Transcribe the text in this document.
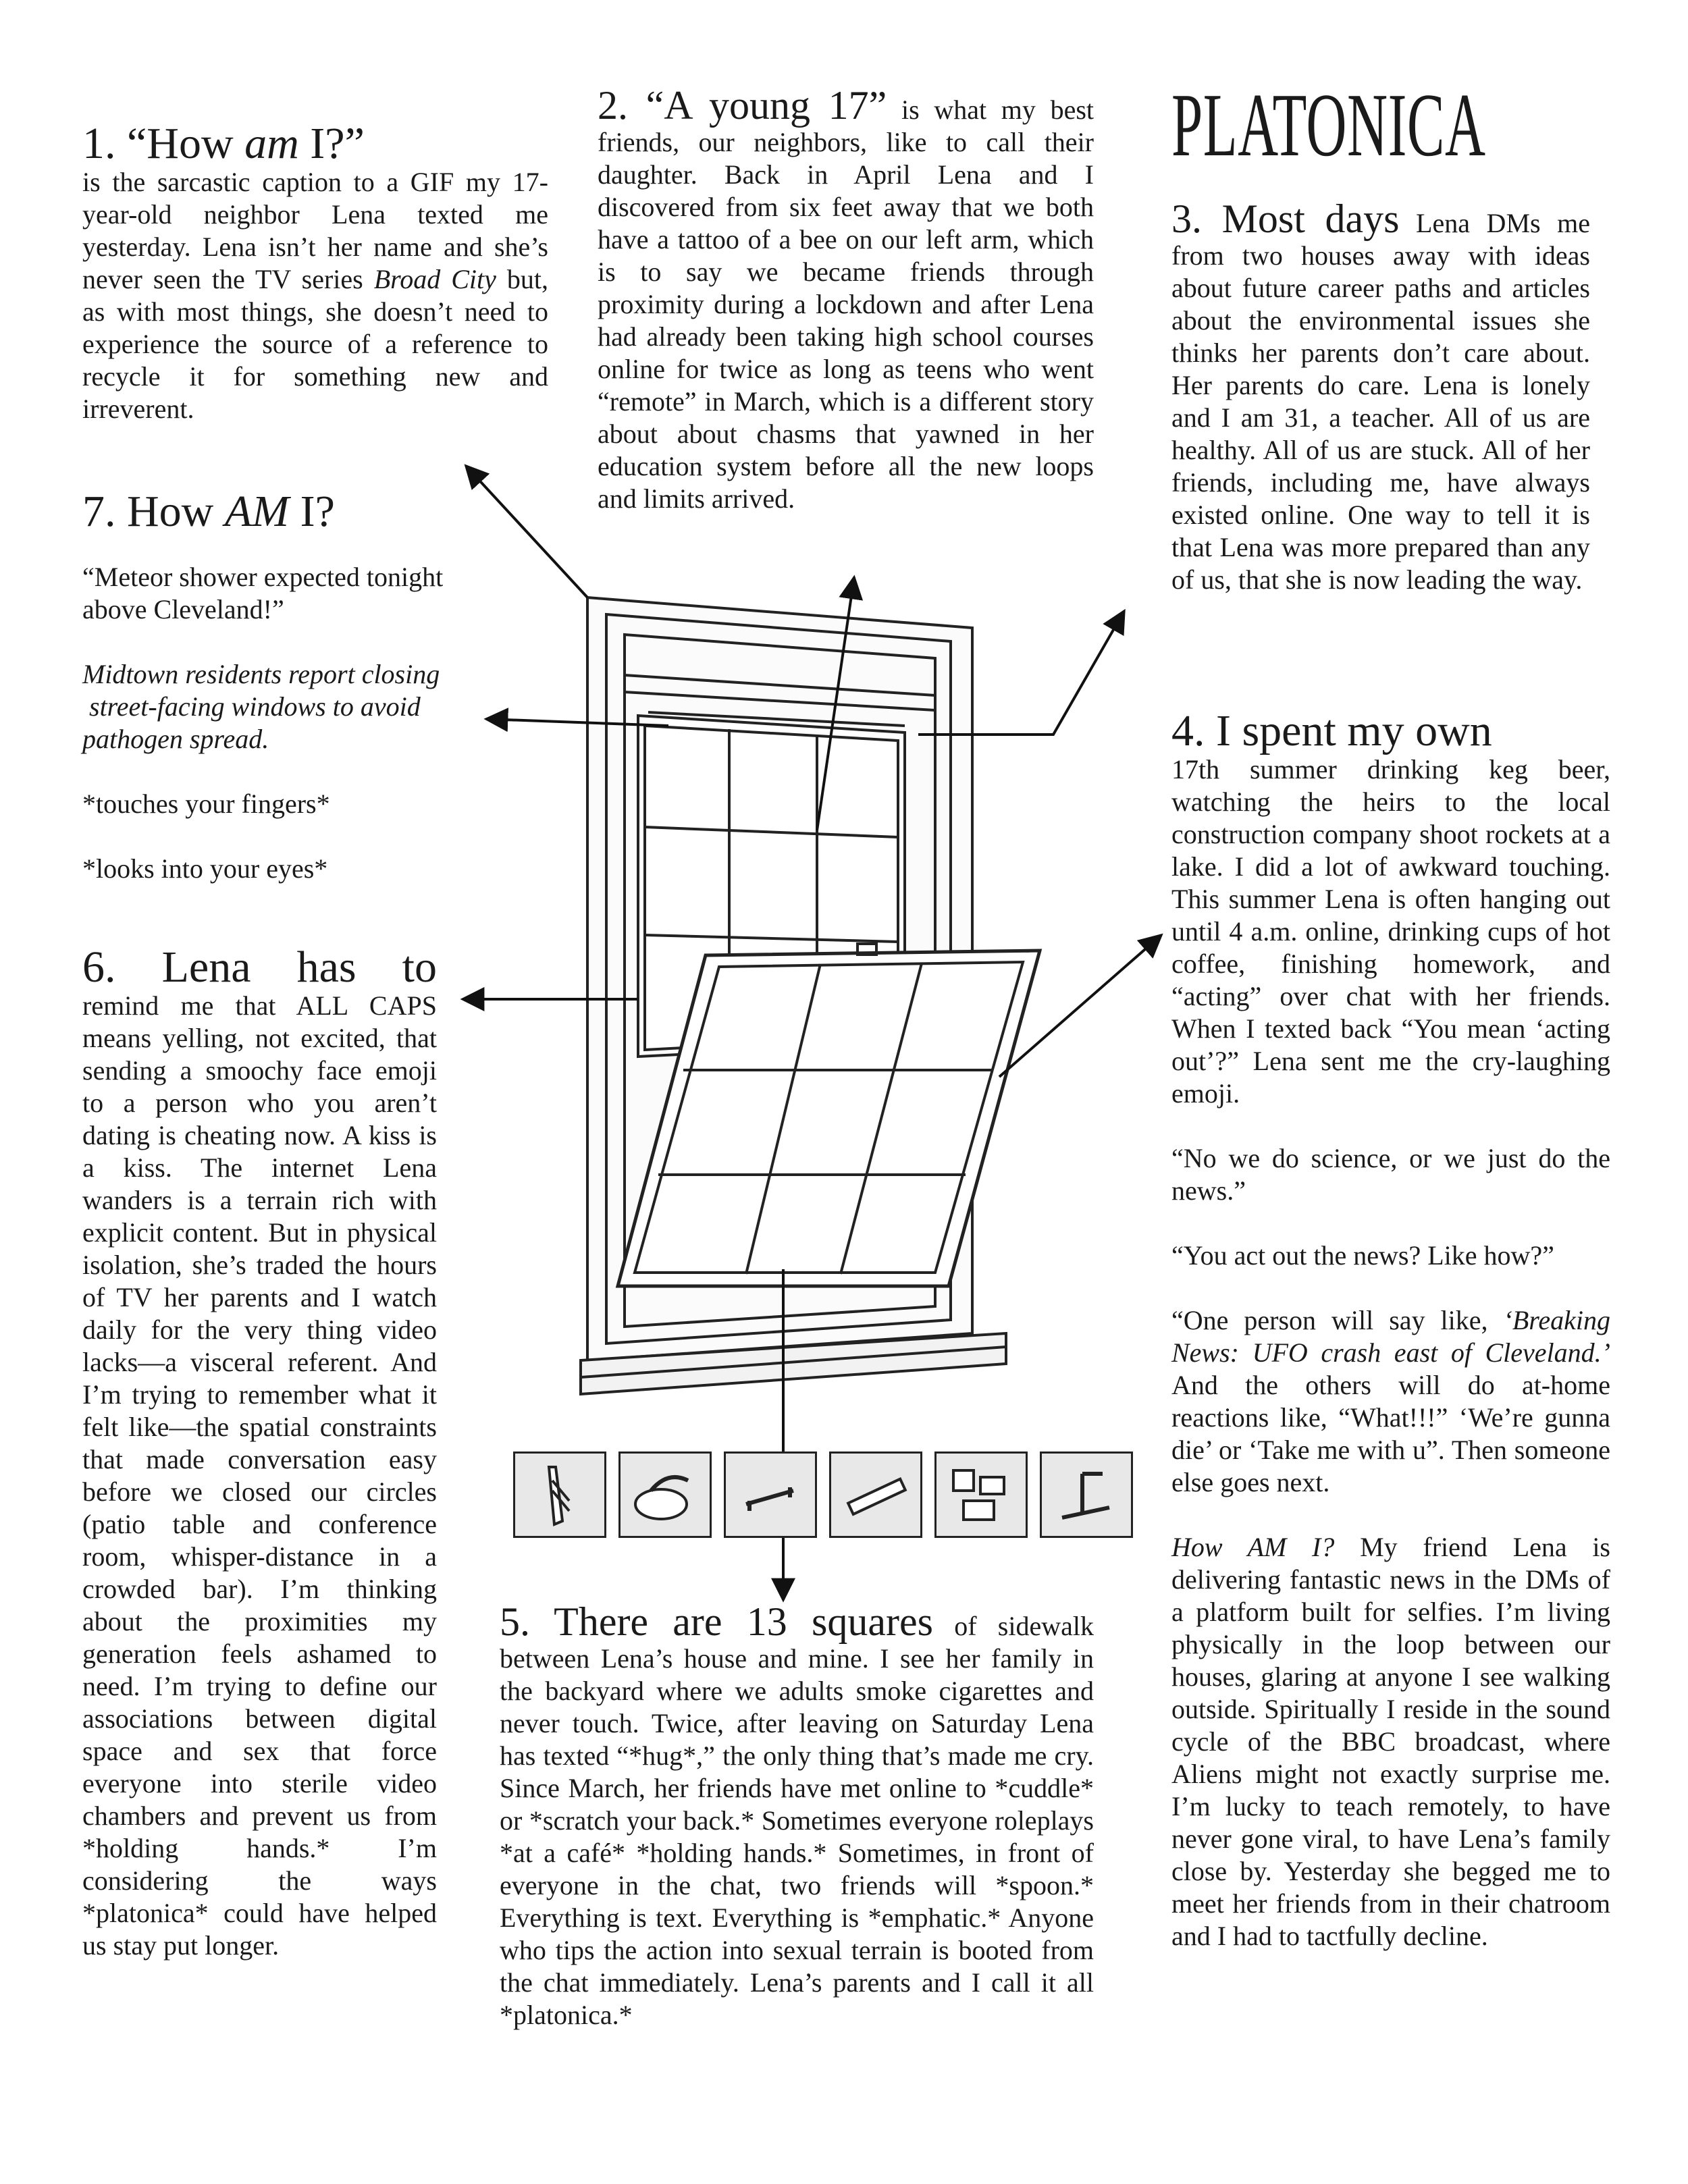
PLATONICA

1. “How am I?”

is the sarcastic caption to a GIF my 17-year-old neighbor Lena texted me yesterday. Lena isn’t her name and she’s never seen the TV series Broad City but, as with most things, she doesn’t need to experience the source of a reference to recycle it for something new and irreverent.

2. “A young 17” is what my best friends, our neighbors, like to call their daughter. Back in April Lena and I discovered from six feet away that we both have a tattoo of a bee on our left arm, which is to say we became friends through proximity during a lockdown and after Lena had already been taking high school courses online for twice as long as teens who went “remote” in March, which is a different story about about chasms that yawned in her education system before all the new loops and limits arrived.

3. Most days Lena DMs me from two houses away with ideas about future career paths and articles about the environmental issues she thinks her parents don’t care about. Her parents do care. Lena is lonely and I am 31, a teacher. All of us are healthy. All of us are stuck. All of her friends, including me, have always existed online. One way to tell it is that Lena was more prepared than any of us, that she is now leading the way.

7. How AM I?

“Meteor shower expected tonight above Cleveland!”

Midtown residents report closing

street-facing windows to avoid

pathogen spread.

*touches your fingers*

*looks into your eyes*

6. Lena has to

remind me that ALL CAPS means yelling, not excited, that sending a smoochy face emoji to a person who you aren’t dating is cheating now. A kiss is a kiss. The internet Lena wanders is a terrain rich with explicit content. But in physical isolation, she’s traded the hours of TV her parents and I watch daily for the very thing video lacks—a visceral referent. And I’m trying to remember what it felt like—the spatial constraints that made conversation easy before we closed our circles (patio table and conference room, whisper-distance in a crowded bar). I’m thinking about the proximities my generation feels ashamed to need. I’m trying to define our associations between digital space and sex that force everyone into sterile video chambers and prevent us from *holding hands.* I’m considering the ways *platonica* could have helped us stay put longer.

4. I spent my own

17th summer drinking keg beer, watching the heirs to the local construction company shoot rockets at a lake. I did a lot of awkward touching. This summer Lena is often hanging out until 4 a.m. online, drinking cups of hot coffee, finishing homework, and “acting” over chat with her friends. When I texted back “You mean ‘acting out’?” Lena sent me the cry-laughing emoji.

“No we do science, or we just do the news.”

“You act out the news? Like how?”

“One person will say like, ‘Breaking News: UFO crash east of Cleveland.’ And the others will do at-home reactions like, “What!!!” ‘We’re gunna die’ or ‘Take me with u”. Then someone else goes next.

How AM I? My friend Lena is delivering fantastic news in the DMs of a platform built for selfies. I’m living physically in the loop between our houses, glaring at anyone I see walking outside. Spiritually I reside in the sound cycle of the BBC broadcast, where Aliens might not exactly surprise me. I’m lucky to teach remotely, to have never gone viral, to have Lena’s family close by. Yesterday she begged me to meet her friends from in their chatroom and I had to tactfully decline.

5. There are 13 squares of sidewalk between Lena’s house and mine. I see her family in the backyard where we adults smoke cigarettes and never touch. Twice, after leaving on Saturday Lena has texted “*hug*,” the only thing that’s made me cry. Since March, her friends have met online to *cuddle* or *scratch your back.* Sometimes everyone roleplays *at a café* *holding hands.* Sometimes, in front of everyone in the chat, two friends will *spoon.* Everything is text. Everything is *emphatic.* Anyone who tips the action into sexual terrain is booted from the chat immediately. Lena’s parents and I call it all *platonica.*
